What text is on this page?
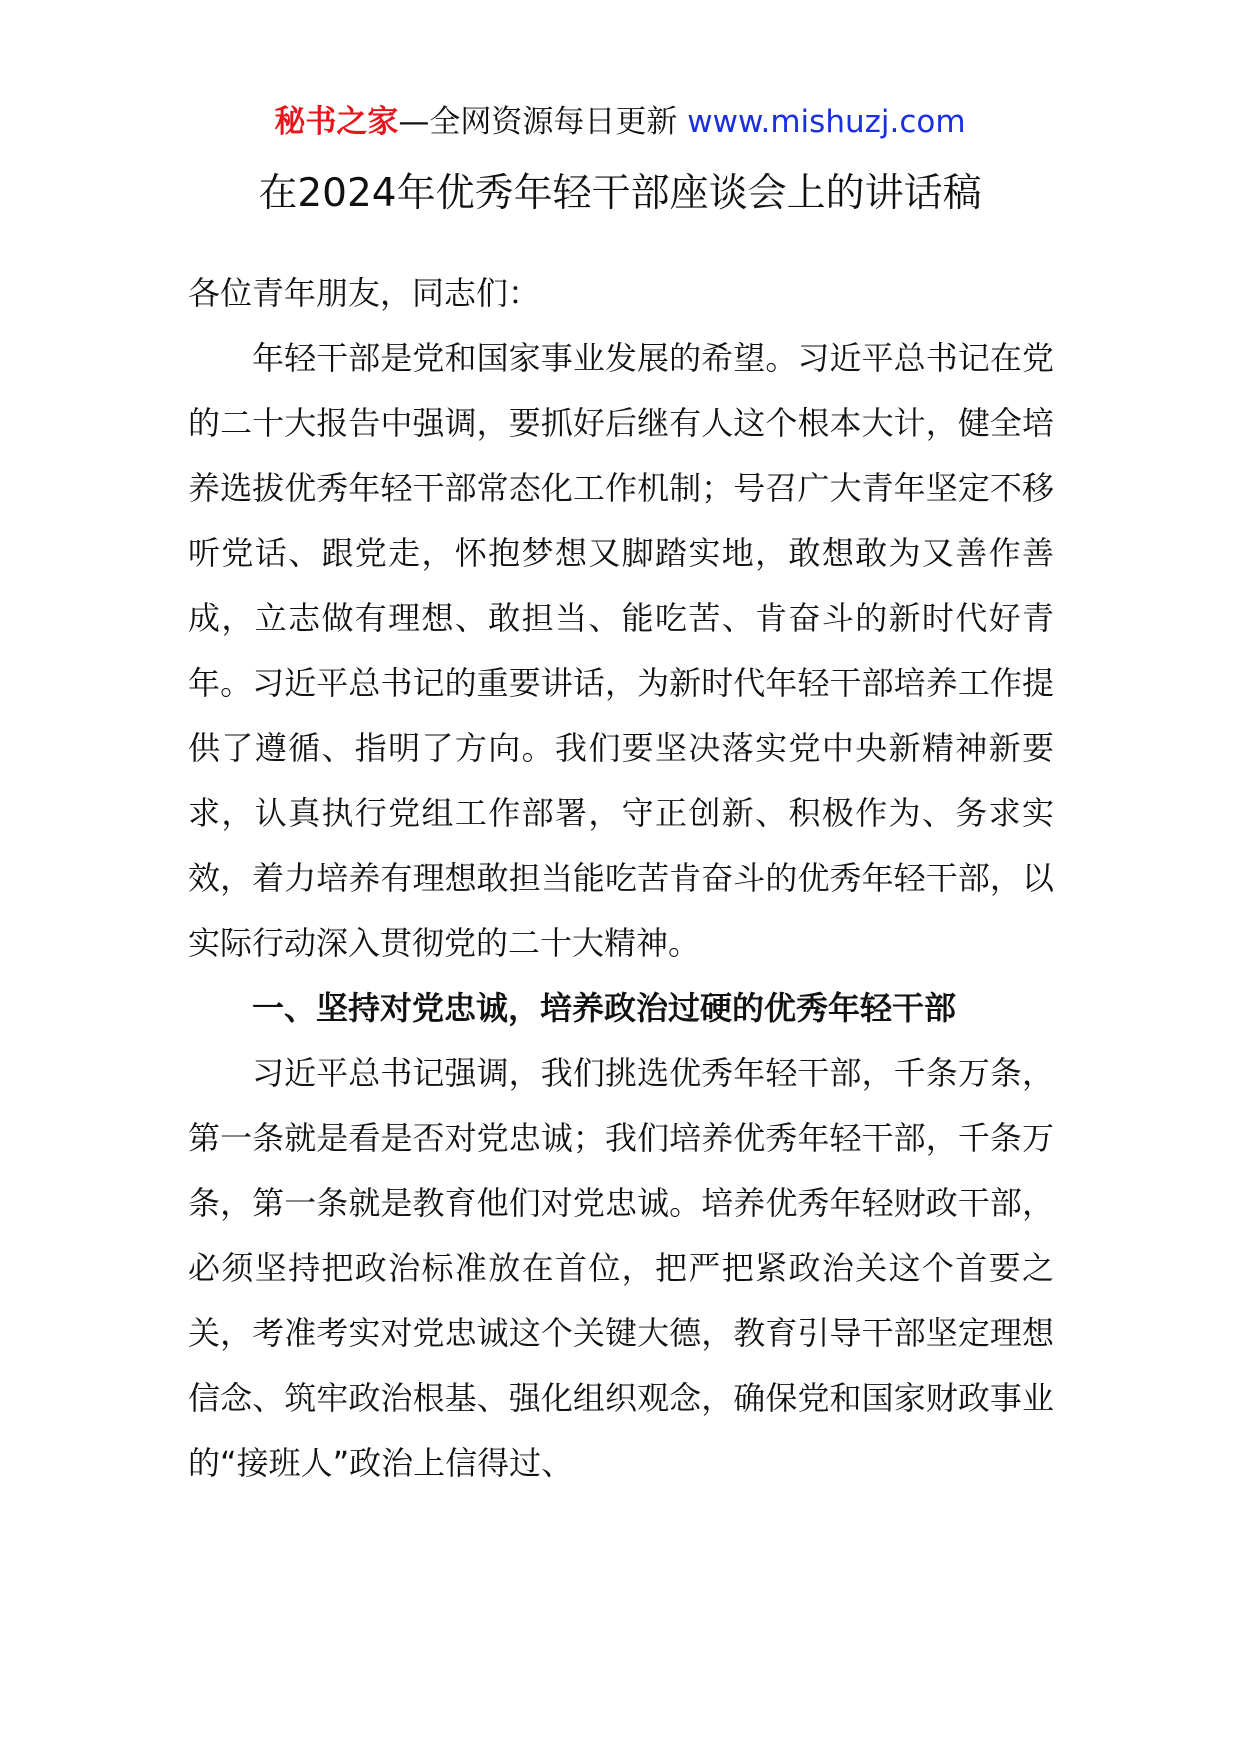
秘书之家—全网资源每日更新 www.mishuzj.com
在2024年优秀年轻干部座谈会上的讲话稿

各位青年朋友，同志们：

年轻干部是党和国家事业发展的希望。习近平总书记在党的二十大报告中强调，要抓好后继有人这个根本大计，健全培养选拔优秀年轻干部常态化工作机制；号召广大青年坚定不移听党话、跟党走，怀抱梦想又脚踏实地，敢想敢为又善作善成，立志做有理想、敢担当、能吃苦、肯奋斗的新时代好青年。习近平总书记的重要讲话，为新时代年轻干部培养工作提供了遵循、指明了方向。我们要坚决落实党中央新精神新要求，认真执行党组工作部署，守正创新、积极作为、务求实效，着力培养有理想敢担当能吃苦肯奋斗的优秀年轻干部，以实际行动深入贯彻党的二十大精神。

一、坚持对党忠诚，培养政治过硬的优秀年轻干部

习近平总书记强调，我们挑选优秀年轻干部，千条万条，第一条就是看是否对党忠诚；我们培养优秀年轻干部，千条万条，第一条就是教育他们对党忠诚。培养优秀年轻财政干部，必须坚持把政治标准放在首位，把严把紧政治关这个首要之关，考准考实对党忠诚这个关键大德，教育引导干部坚定理想信念、筑牢政治根基、强化组织观念，确保党和国家财政事业的“接班人”政治上信得过、
